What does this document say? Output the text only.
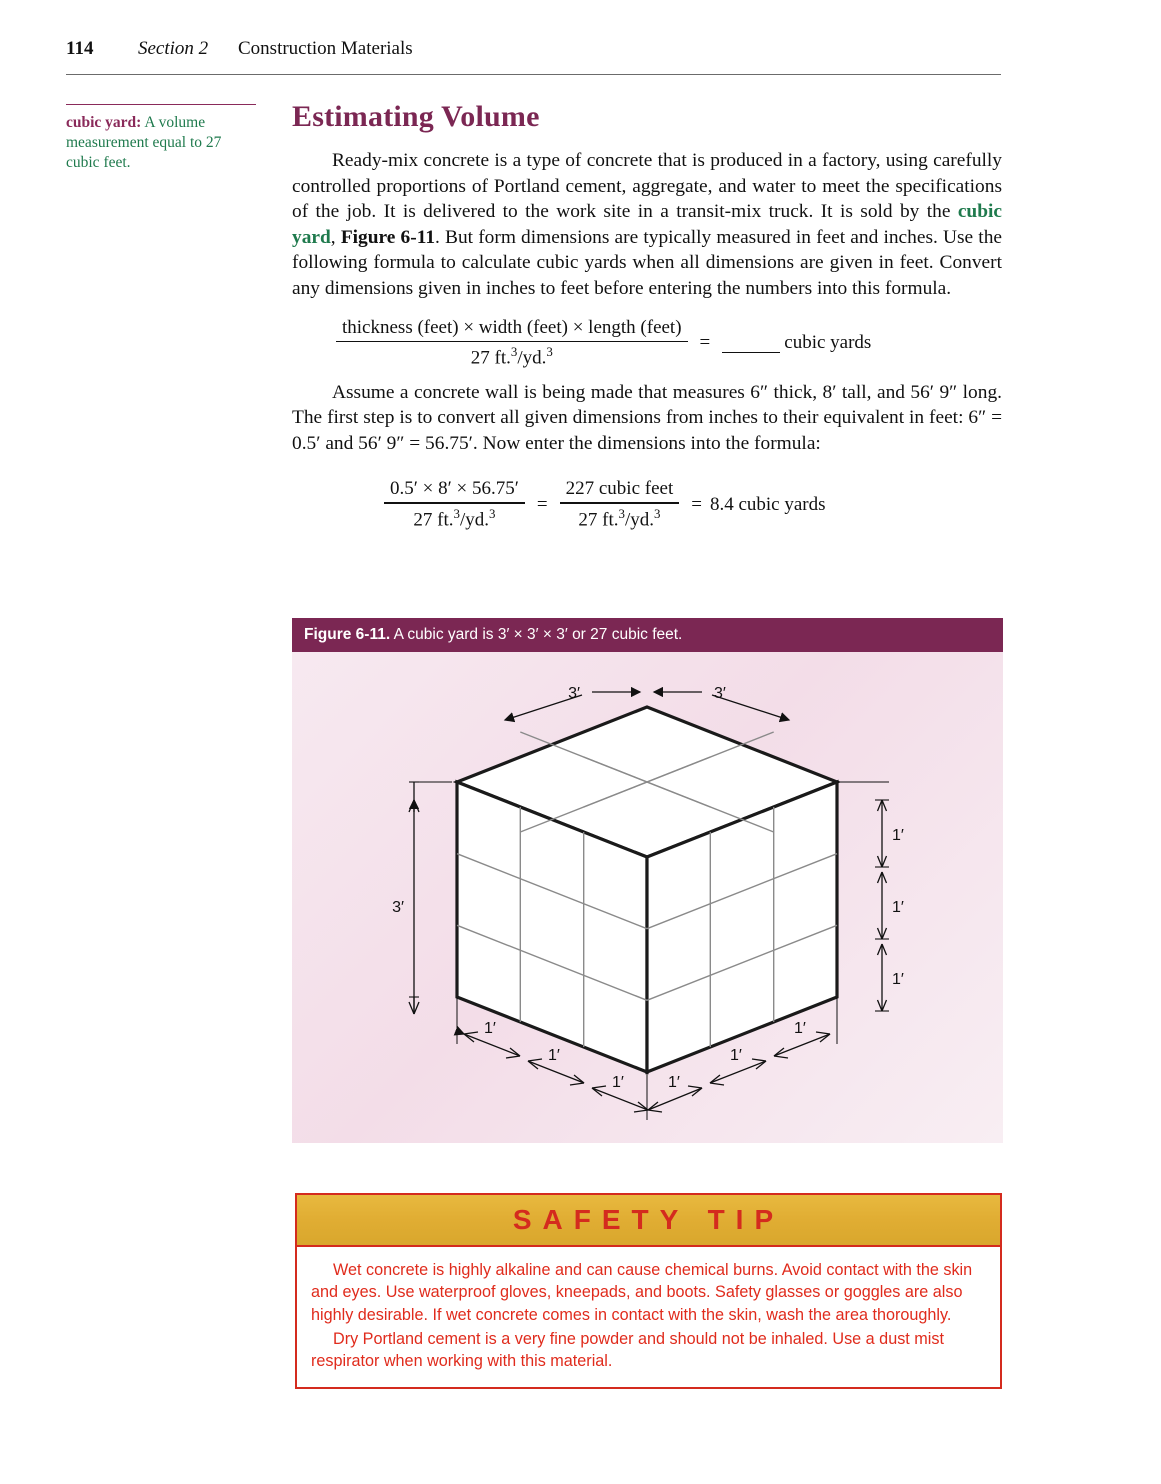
114 Section 2 Construction Materials
cubic yard: A volume measurement equal to 27 cubic feet.
Estimating Volume

Ready-mix concrete is a type of concrete that is produced in a factory, using carefully controlled proportions of Portland cement, aggregate, and water to meet the specifications of the job. It is delivered to the work site in a transit-mix truck. It is sold by the cubic yard, Figure 6-11. But form dimensions are typically measured in feet and inches. Use the following formula to calculate cubic yards when all dimensions are given in feet. Convert any dimensions given in inches to feet before entering the numbers into this formula.

$\frac{\text{thickness (feet) × width (feet) × length (feet)}}{27 ft.^3/yd.^3}$ =	cubic yards

Assume a concrete wall is being made that measures 6″ thick, 8′ tall, and 56′ 9″ long. The first step is to convert all given dimensions from inches to their equivalent in feet: 6″ = 0.5′ and 56′ 9″ = 56.75′. Now enter the dimensions into the formula:

$\frac{0.5' \times 8' \times 56.75'}{27 ft.^3/yd.^3} = \frac{\text{227 cubic feet}}{27 ft.^3/yd.^3} = 8.4$ cubic yards
Figure 6-11. A cubic yard is 3′ × 3′ × 3′ or 27 cubic feet.
3′	3′
3′
1′
1′
1′
1′
1′
1′
1′
1′
1′
SAFETY TIP

Wet concrete is highly alkaline and can cause chemical burns. Avoid contact with the skin and eyes. Use waterproof gloves, kneepads, and boots. Safety glasses or goggles are also highly desirable. If wet concrete comes in contact with the skin, wash the area thoroughly.

Dry Portland cement is a very fine powder and should not be inhaled. Use a dust mist respirator when working with this material.
